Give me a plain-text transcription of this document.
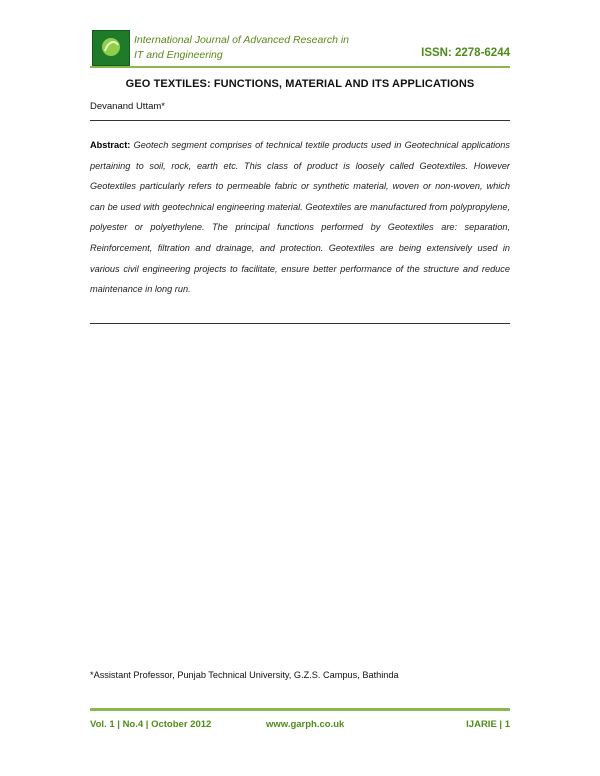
International Journal of Advanced Research in
IT and Engineering	ISSN: 2278-6244
GEO TEXTILES: FUNCTIONS, MATERIAL AND ITS APPLICATIONS
Devanand Uttam*
Abstract: Geotech segment comprises of technical textile products used in Geotechnical applications pertaining to soil, rock, earth etc. This class of product is loosely called Geotextiles. However Geotextiles particularly refers to permeable fabric or synthetic material, woven or non-woven, which can be used with geotechnical engineering material. Geotextiles are manufactured from polypropylene, polyester or polyethylene. The principal functions performed by Geotextiles are: separation, Reinforcement, filtration and drainage, and protection. Geotextiles are being extensively used in various civil engineering projects to facilitate, ensure better performance of the structure and reduce maintenance in long run.
*Assistant Professor, Punjab Technical University, G.Z.S. Campus, Bathinda
Vol. 1 | No.4 | October 2012	www.garph.co.uk	IJARIE | 1
